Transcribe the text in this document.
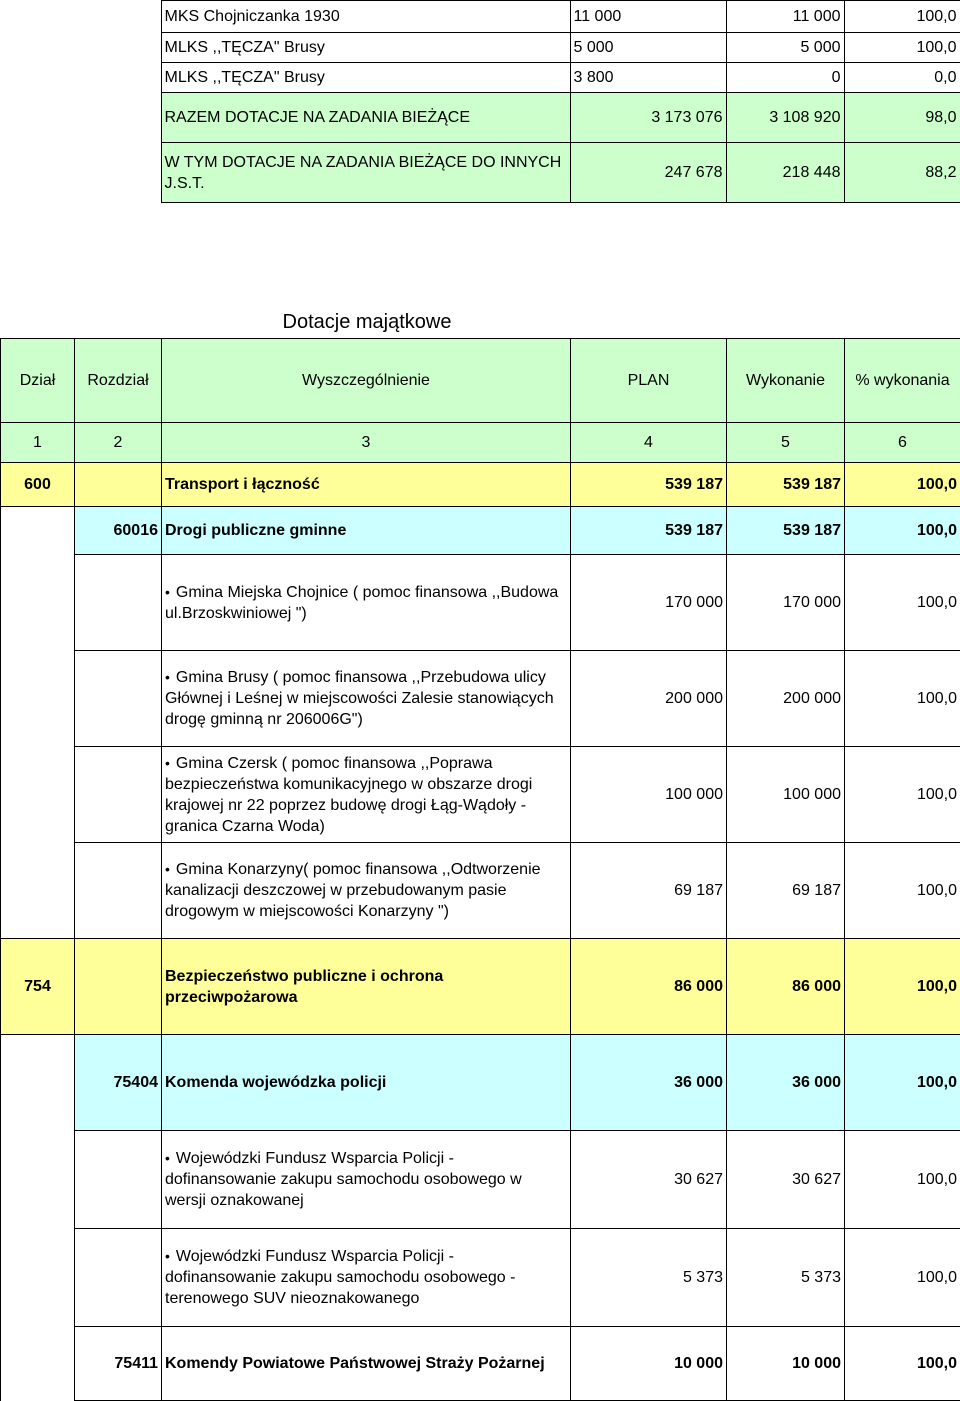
	MKS Chojniczanka 1930	11 000	11 000	100,0
	MLKS ,,TĘCZA" Brusy	5 000	5 000	100,0
	MLKS ,,TĘCZA" Brusy	3 800	0	0,0
	RAZEM DOTACJE NA ZADANIA BIEŻĄCE	3 173 076	3 108 920	98,0
	W TYM DOTACJE NA ZADANIA BIEŻĄCE DO INNYCH J.S.T.	247 678	218 448	88,2
Dotacje majątkowe
Dział	Rozdział	Wyszczególnienie	PLAN	Wykonanie	% wykonania
1	2	3	4	5	6
600		Transport i łączność	539 187	539 187	100,0
	60016	Drogi publiczne gminne	539 187	539 187	100,0
		• Gmina Miejska Chojnice ( pomoc finansowa ,,Budowa ul.Brzoskwiniowej ")	170 000	170 000	100,0
		• Gmina Brusy ( pomoc finansowa ,,Przebudowa ulicy Głównej i Leśnej w miejscowości Zalesie stanowiących drogę gminną nr 206006G")	200 000	200 000	100,0
		• Gmina Czersk ( pomoc finansowa ,,Poprawa bezpieczeństwa komunikacyjnego w obszarze drogi krajowej nr 22 poprzez budowę drogi Łąg-Wądoły - granica Czarna Woda)	100 000	100 000	100,0
		• Gmina Konarzyny( pomoc finansowa ,,Odtworzenie kanalizacji deszczowej w przebudowanym pasie drogowym w miejscowości Konarzyny ")	69 187	69 187	100,0
754		Bezpieczeństwo publiczne i ochrona przeciwpożarowa	86 000	86 000	100,0
	75404	Komenda wojewódzka policji	36 000	36 000	100,0
		• Wojewódzki Fundusz Wsparcia Policji - dofinansowanie zakupu samochodu osobowego w wersji oznakowanej	30 627	30 627	100,0
		• Wojewódzki Fundusz Wsparcia Policji - dofinansowanie zakupu samochodu osobowego - terenowego SUV nieoznakowanego	5 373	5 373	100,0
	75411	Komendy Powiatowe Państwowej Straży Pożarnej	10 000	10 000	100,0
